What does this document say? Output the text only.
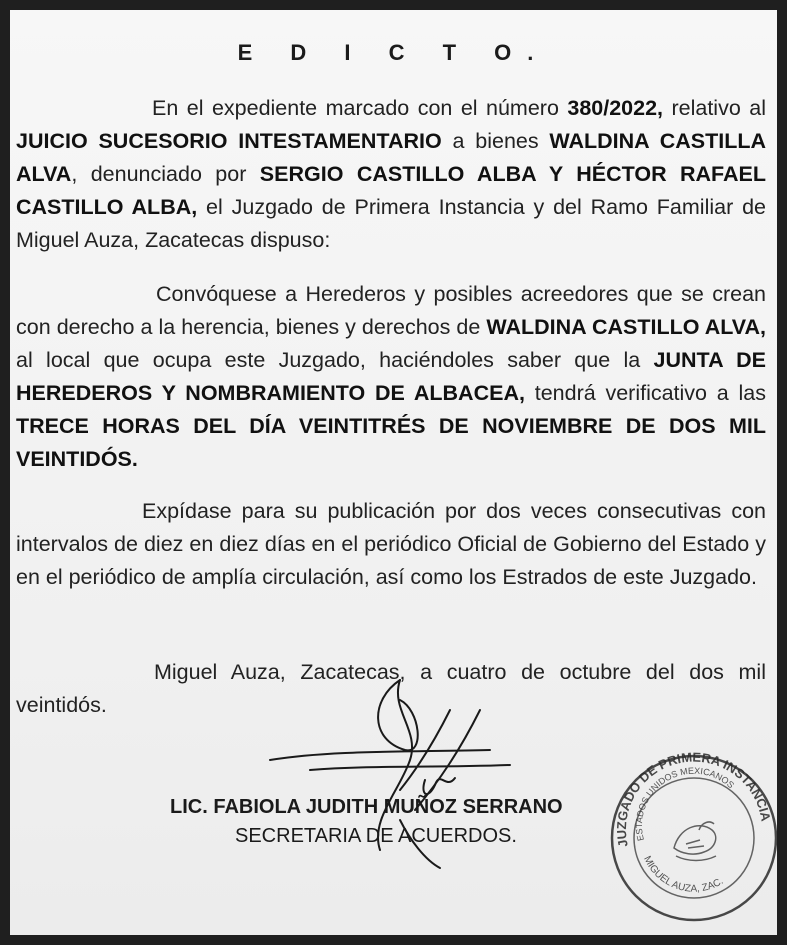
E D I C T O.
En el expediente marcado con el número 380/2022, relativo al JUICIO SUCESORIO INTESTAMENTARIO a bienes WALDINA CASTILLA ALVA, denunciado por SERGIO CASTILLO ALBA Y HÉCTOR RAFAEL CASTILLO ALBA, el Juzgado de Primera Instancia y del Ramo Familiar de Miguel Auza, Zacatecas dispuso:
Convóquese a Herederos y posibles acreedores que se crean con derecho a la herencia, bienes y derechos de WALDINA CASTILLO ALVA, al local que ocupa este Juzgado, haciéndoles saber que la JUNTA DE HEREDEROS Y NOMBRAMIENTO DE ALBACEA, tendrá verificativo a las TRECE HORAS DEL DÍA VEINTITRÉS DE NOVIEMBRE DE DOS MIL VEINTIDÓS.
Expídase para su publicación por dos veces consecutivas con intervalos de diez en diez días en el periódico Oficial de Gobierno del Estado y en el periódico de amplía circulación, así como los Estrados de este Juzgado.
Miguel Auza, Zacatecas, a cuatro de octubre del dos mil veintidós.
LIC. FABIOLA JUDITH MUÑOZ SERRANO
SECRETARIA DE ACUERDOS.	JUZGADO DE PRIMERA INSTANCIA
ESTADOS UNIDOS MEXICANOS
MIGUEL AUZA, ZAC.
